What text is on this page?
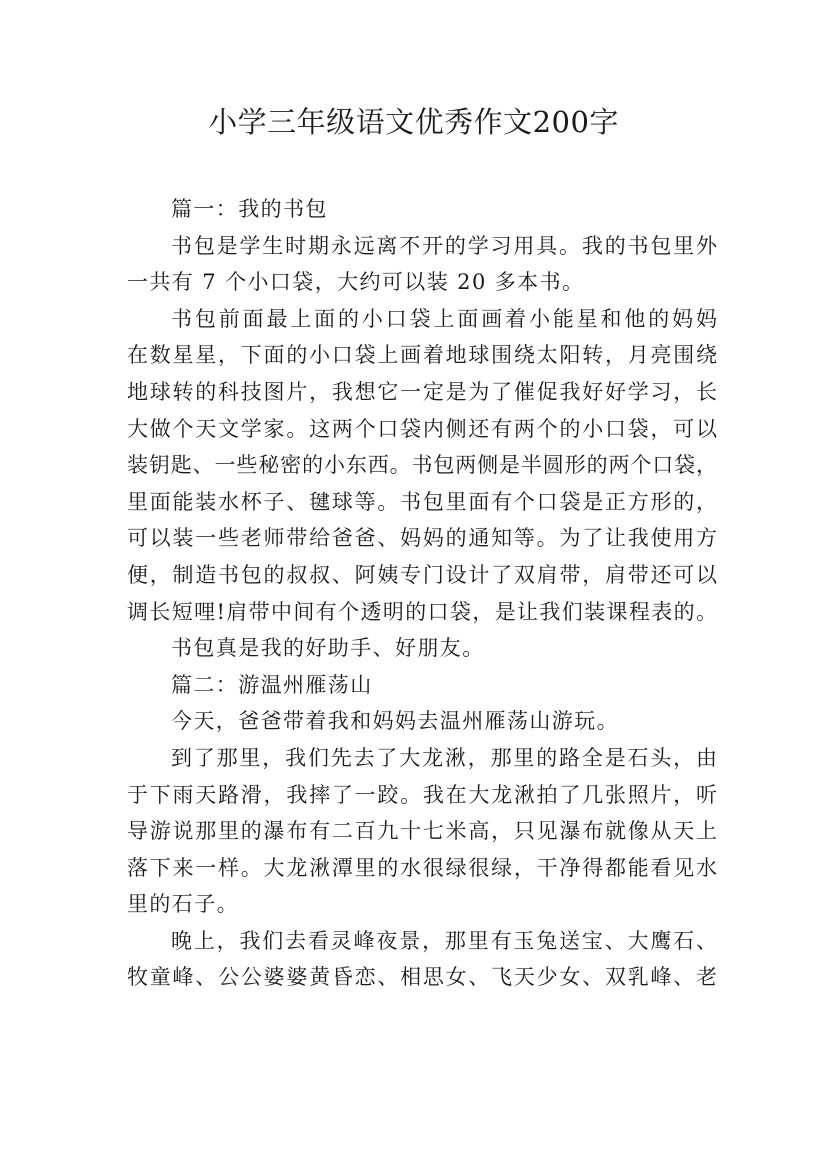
小学三年级语文优秀作文200字

篇一：我的书包

书包是学生时期永远离不开的学习用具。我的书包里外

一共有 7 个小口袋，大约可以装 20 多本书。

书包前面最上面的小口袋上面画着小能星和他的妈妈

在数星星，下面的小口袋上画着地球围绕太阳转，月亮围绕

地球转的科技图片，我想它一定是为了催促我好好学习，长

大做个天文学家。这两个口袋内侧还有两个的小口袋，可以

装钥匙、一些秘密的小东西。书包两侧是半圆形的两个口袋，

里面能装水杯子、毽球等。书包里面有个口袋是正方形的，

可以装一些老师带给爸爸、妈妈的通知等。为了让我使用方

便，制造书包的叔叔、阿姨专门设计了双肩带，肩带还可以

调长短哩!肩带中间有个透明的口袋，是让我们装课程表的。

书包真是我的好助手、好朋友。

篇二：游温州雁荡山

今天，爸爸带着我和妈妈去温州雁荡山游玩。

到了那里，我们先去了大龙湫，那里的路全是石头，由

于下雨天路滑，我摔了一跤。我在大龙湫拍了几张照片，听

导游说那里的瀑布有二百九十七米高，只见瀑布就像从天上

落下来一样。大龙湫潭里的水很绿很绿，干净得都能看见水

里的石子。

晚上，我们去看灵峰夜景，那里有玉兔送宝、大鹰石、

牧童峰、公公婆婆黄昏恋、相思女、飞天少女、双乳峰、老
